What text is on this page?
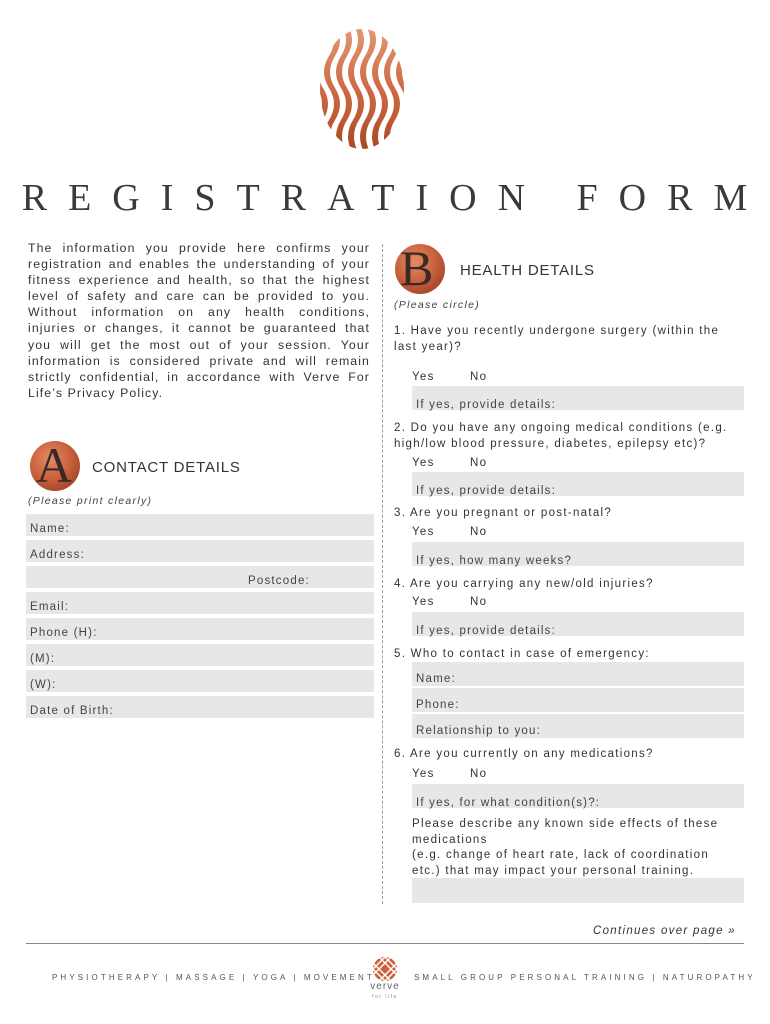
REGISTRATION FORM
The information you provide here confirms your registration and enables the understanding of your fitness experience and health, so that the highest level of safety and care can be provided to you. Without information on any health conditions, injuries or changes, it cannot be guaranteed that you will get the most out of your session. Your information is considered private and will remain strictly confidential, in accordance with Verve For Life’s Privacy Policy.
A CONTACT DETAILS
(Please print clearly)
Name:
Address:
Postcode:
Email:
Phone (H):
(M):
(W):
Date of Birth:
B HEALTH DETAILS
(Please circle)
1. Have you recently undergone surgery (within the last year)?
Yes	No
If yes, provide details:
2. Do you have any ongoing medical conditions (e.g. high/low blood pressure, diabetes, epilepsy etc)?
Yes	No
If yes, provide details:
3. Are you pregnant or post-natal?
Yes	No
If yes, how many weeks?
4. Are you carrying any new/old injuries?
Yes	No
If yes, provide details:
5. Who to contact in case of emergency:
Name:
Phone:
Relationship to you:
6. Are you currently on any medications?
Yes	No
If yes, for what condition(s)?:
Please describe any known side effects of these medications
(e.g. change of heart rate, lack of coordination etc.) that may impact your personal training.
Continues over page »
PHYSIOTHERAPY | MASSAGE | YOGA | MOVEMENT
verve
for life
SMALL GROUP PERSONAL TRAINING | NATUROPATHY
